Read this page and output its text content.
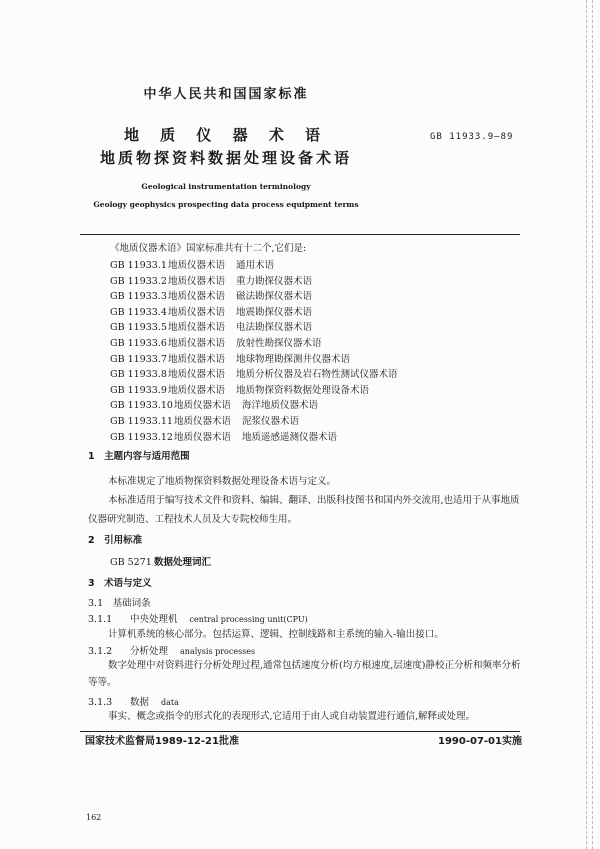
中华人民共和国国家标准
地 质 仪 器 术 语
地质物探资料数据处理设备术语
GB 11933.9—89
Geological instrumentation terminology
Geology geophysics prospecting data process equipment terms
《地质仪器术语》国家标准共有十二个,它们是:
GB 11933.1地质仪器术语 通用术语
GB 11933.2地质仪器术语 重力勘探仪器术语
GB 11933.3地质仪器术语 磁法勘探仪器术语
GB 11933.4地质仪器术语 地震勘探仪器术语
GB 11933.5地质仪器术语 电法勘探仪器术语
GB 11933.6地质仪器术语 放射性勘探仪器术语
GB 11933.7地质仪器术语 地球物理勘探测井仪器术语
GB 11933.8地质仪器术语 地质分析仪器及岩石物性测试仪器术语
GB 11933.9地质仪器术语 地质物探资料数据处理设备术语
GB 11933.10地质仪器术语 海洋地质仪器术语
GB 11933.11地质仪器术语 泥浆仪器术语
GB 11933.12地质仪器术语 地质遥感遥测仪器术语
1　主题内容与适用范围
本标准规定了地质物探资料数据处理设备术语与定义。
本标准适用于编写技术文件和资料、编辑、翻译、出版科技图书和国内外交流用,也适用于从事地质仪器研究制造、工程技术人员及大专院校师生用。
2　引用标准
GB 5271 数据处理词汇
3　术语与定义
3.1　基础词条
3.1.1 中央处理机 central processing unit(CPU)
计算机系统的核心部分。包括运算、逻辑、控制线路和主系统的输入-输出接口。
3.1.2 分析处理 analysis processes
数字处理中对资料进行分析处理过程,通常包括速度分析(均方根速度,层速度)静校正分析和频率分析等等。
3.1.3 数据 data
事实、概念或指令的形式化的表现形式,它适用于由人或自动装置进行通信,解释或处理。
国家技术监督局1989-12-21批准	1990-07-01实施
162
